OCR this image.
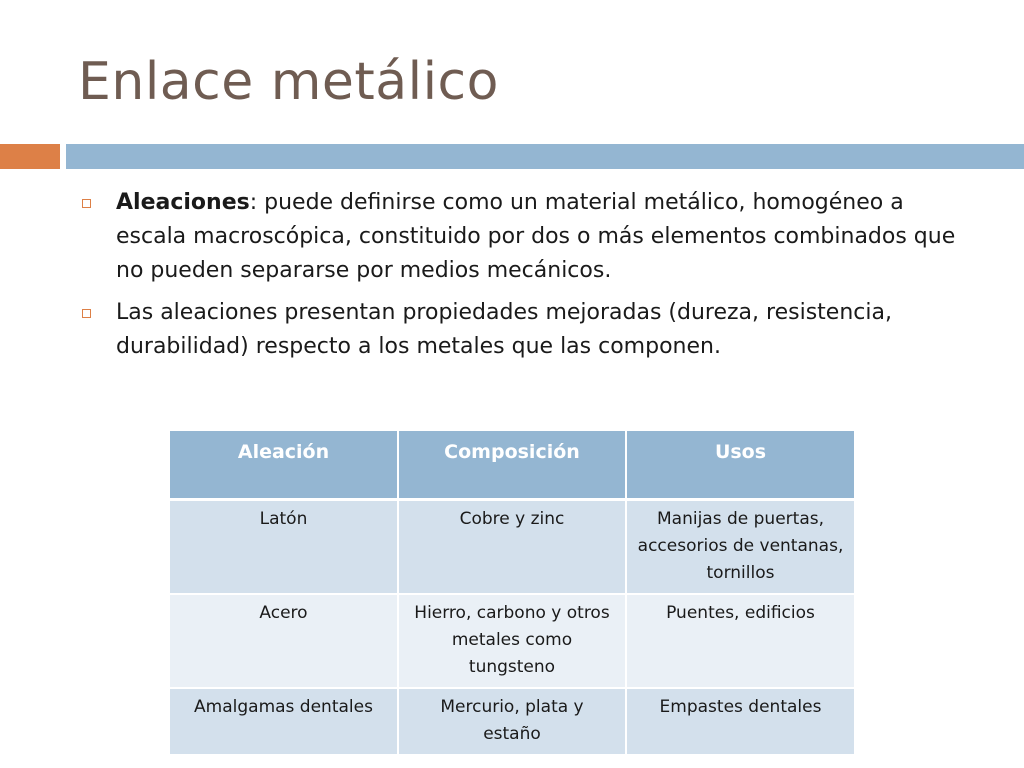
Enlace metálico
Aleaciones: puede definirse como un material metálico, homogéneo a escala macroscópica, constituido por dos o más elementos combinados que no pueden separarse por medios mecánicos.
Las aleaciones presentan propiedades mejoradas (dureza, resistencia, durabilidad) respecto a los metales que las componen.
Aleación	Composición	Usos
Latón	Cobre y zinc	Manijas de puertas, accesorios de ventanas, tornillos
Acero	Hierro, carbono y otros metales como tungsteno	Puentes, edificios
Amalgamas dentales	Mercurio, plata y estaño	Empastes dentales
